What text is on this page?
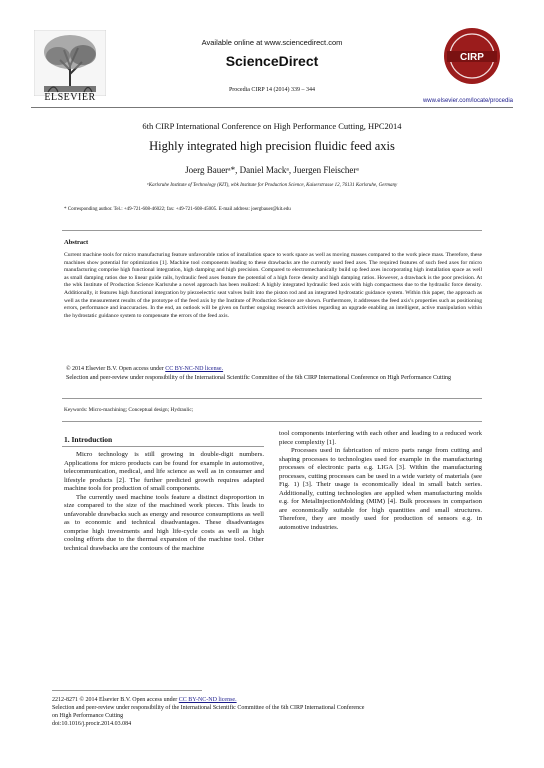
ELSEVIER
Available online at www.sciencedirect.com
ScienceDirect
Procedia CIRP 14 (2014) 339 – 344
CIRP
www.elsevier.com/locate/procedia
6th CIRP International Conference on High Performance Cutting, HPC2014
Highly integrated high precision fluidic feed axis
Joerg Bauerᵃ*, Daniel Mackᵃ, Juergen Fleischerᵃ
ᵃKarlsruhe Institute of Technology (KIT), wbk Institute for Production Science, Kaiserstrasse 12, 76131 Karlsruhe, Germany
* Corresponding author. Tel.: +49-721-608-46022; fax: +49-721-608-45005. E-mail address: joergbauer@kit.edu
Abstract
Current machine tools for micro manufacturing feature unfavorable ratios of installation space to work space as well as moving masses compared to the work piece mass. Therefore, these machines show potential for optimization [1]. Machine tool components leading to these drawbacks are the currently used feed axes. The required features of such feed axes for micro manufacturing comprise high functional integration, high damping and high precision. Compared to electromechanically build up feed axes incorporating high installation space as well as small damping ratios due to linear guide rails, hydraulic feed axes feature the potential of a high force density and high damping ratios. However, a drawback is the poor precision. At the wbk Institute of Production Science Karlsruhe a novel approach has been realized: A highly integrated hydraulic feed axis with high compactness due to the hydraulic force density. Additionally, it features high functional integration by piezoelectric seat valves built into the piston rod and an integrated hydrostatic guidance system. Within this paper, the approach as well as the measurement results of the prototype of the feed axis by the Institute of Production Science are shown. Furthermore, it addresses the feed axis’s properties such as positioning errors, performance and inaccuracies. In the end, an outlook will be given on further ongoing research activities regarding an upgrade enabling an intelligent, active manipulation within the hydrostatic guidance system to compensate the errors of the feed axis.
© 2014 Elsevier B.V. Open access under CC BY-NC-ND license.
Selection and peer-review under responsibility of the International Scientific Committee of the 6th CIRP International Conference on High Performance Cutting
Keywords: Micro-machining; Conceptual design; Hydraulic;
1. Introduction

Micro technology is still growing in double-digit numbers. Applications for micro products can be found for example in automotive, telecommunication, medical, and life science as well as in consumer and lifestyle products [2]. The further predicted growth requires adapted machine tools for production of small components.

The currently used machine tools feature a distinct disproportion in size compared to the size of the machined work pieces. This leads to unfavorable drawbacks such as energy and resource consumptions as well as to economic and technical disadvantages. These disadvantages comprise high investments and high life-cycle costs as well as high cooling efforts due to the thermal expansion of the machine tool. Other technical drawbacks are the contours of the machine

tool components interfering with each other and leading to a reduced work piece complexity [1].

Processes used in fabrication of micro parts range from cutting and shaping processes to technologies used for example in the manufacturing processes of electronic parts e.g. LIGA [3]. Within the manufacturing processes, cutting processes can be used in a wide variety of materials (see Fig. 1) [3]. Their usage is economically ideal in small batch series. Additionally, cutting technologies are applied when manufacturing molds e.g. for MetalInjectionMolding (MIM) [4]. Bulk processes in comparison are economically suitable for high quantities and small structures. Therefore, they are mostly used for production of sensors e.g. in automotive industries.

2212-8271 © 2014 Elsevier B.V. Open access under CC BY-NC-ND license.
Selection and peer-review under responsibility of the International Scientific Committee of the 6th CIRP International Conference
on High Performance Cutting
doi:10.1016/j.procir.2014.03.084
